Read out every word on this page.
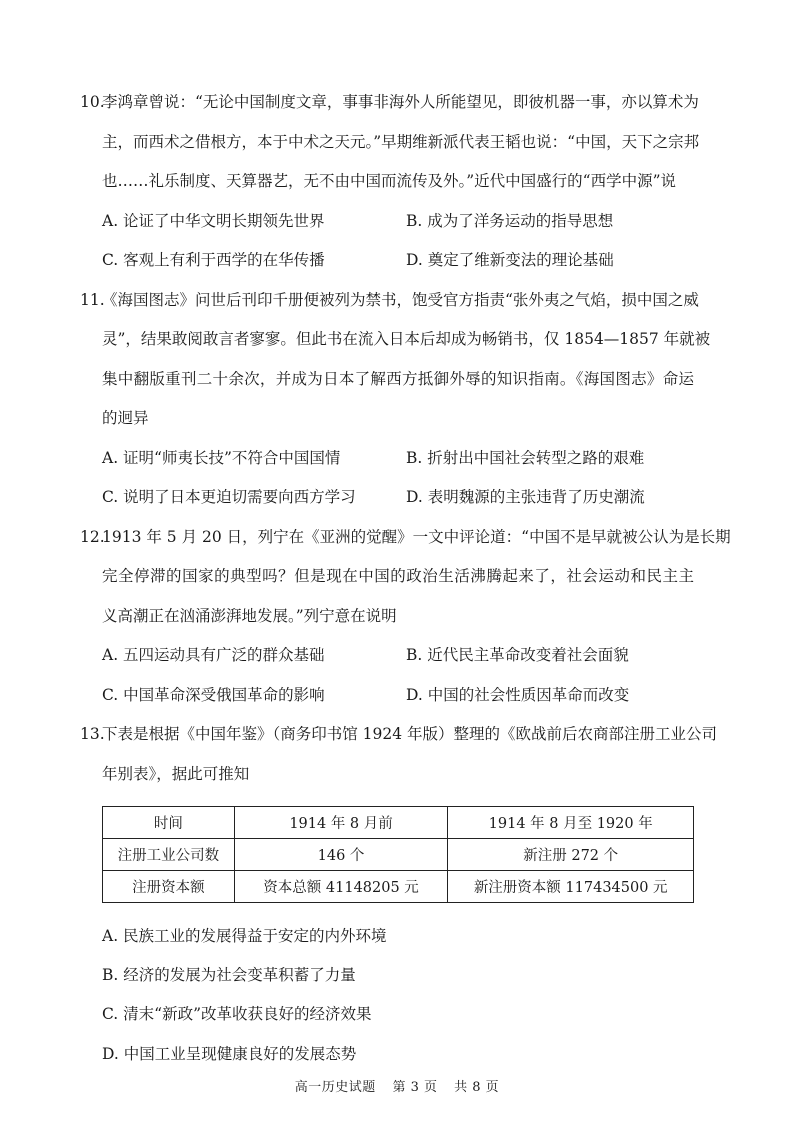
10.
李鸿章曾说：“无论中国制度文章，事事非海外人所能望见，即彼机器一事，亦以算术为
主，而西术之借根方，本于中术之天元。”早期维新派代表王韬也说：“中国，天下之宗邦
也……礼乐制度、天算器艺，无不由中国而流传及外。”近代中国盛行的“西学中源”说
A. 论证了中华文明长期领先世界	B. 成为了洋务运动的指导思想
C. 客观上有利于西学的在华传播	D. 奠定了维新变法的理论基础
11.
《海国图志》问世后刊印千册便被列为禁书，饱受官方指责“张外夷之气焰，损中国之威
灵”，结果敢阅敢言者寥寥。但此书在流入日本后却成为畅销书，仅 1854—1857 年就被
集中翻版重刊二十余次，并成为日本了解西方抵御外辱的知识指南。《海国图志》命运
的迥异
A. 证明“师夷长技”不符合中国国情	B. 折射出中国社会转型之路的艰难
C. 说明了日本更迫切需要向西方学习	D. 表明魏源的主张违背了历史潮流
12.
1913 年 5 月 20 日，列宁在《亚洲的觉醒》一文中评论道：“中国不是早就被公认为是长期
完全停滞的国家的典型吗？但是现在中国的政治生活沸腾起来了，社会运动和民主主
义高潮正在汹涌澎湃地发展。”列宁意在说明
A. 五四运动具有广泛的群众基础	B. 近代民主革命改变着社会面貌
C. 中国革命深受俄国革命的影响	D. 中国的社会性质因革命而改变
13.
下表是根据《中国年鉴》（商务印书馆 1924 年版）整理的《欧战前后农商部注册工业公司
年别表》，据此可推知
时间	1914 年 8 月前	1914 年 8 月至 1920 年
注册工业公司数	146 个	新注册 272 个
注册资本额	资本总额 41148205 元	新注册资本额 117434500 元
A. 民族工业的发展得益于安定的内外环境
B. 经济的发展为社会变革积蓄了力量
C. 清末“新政”改革收获良好的经济效果
D. 中国工业呈现健康良好的发展态势
高一历史试题 第 3 页 共 8 页
